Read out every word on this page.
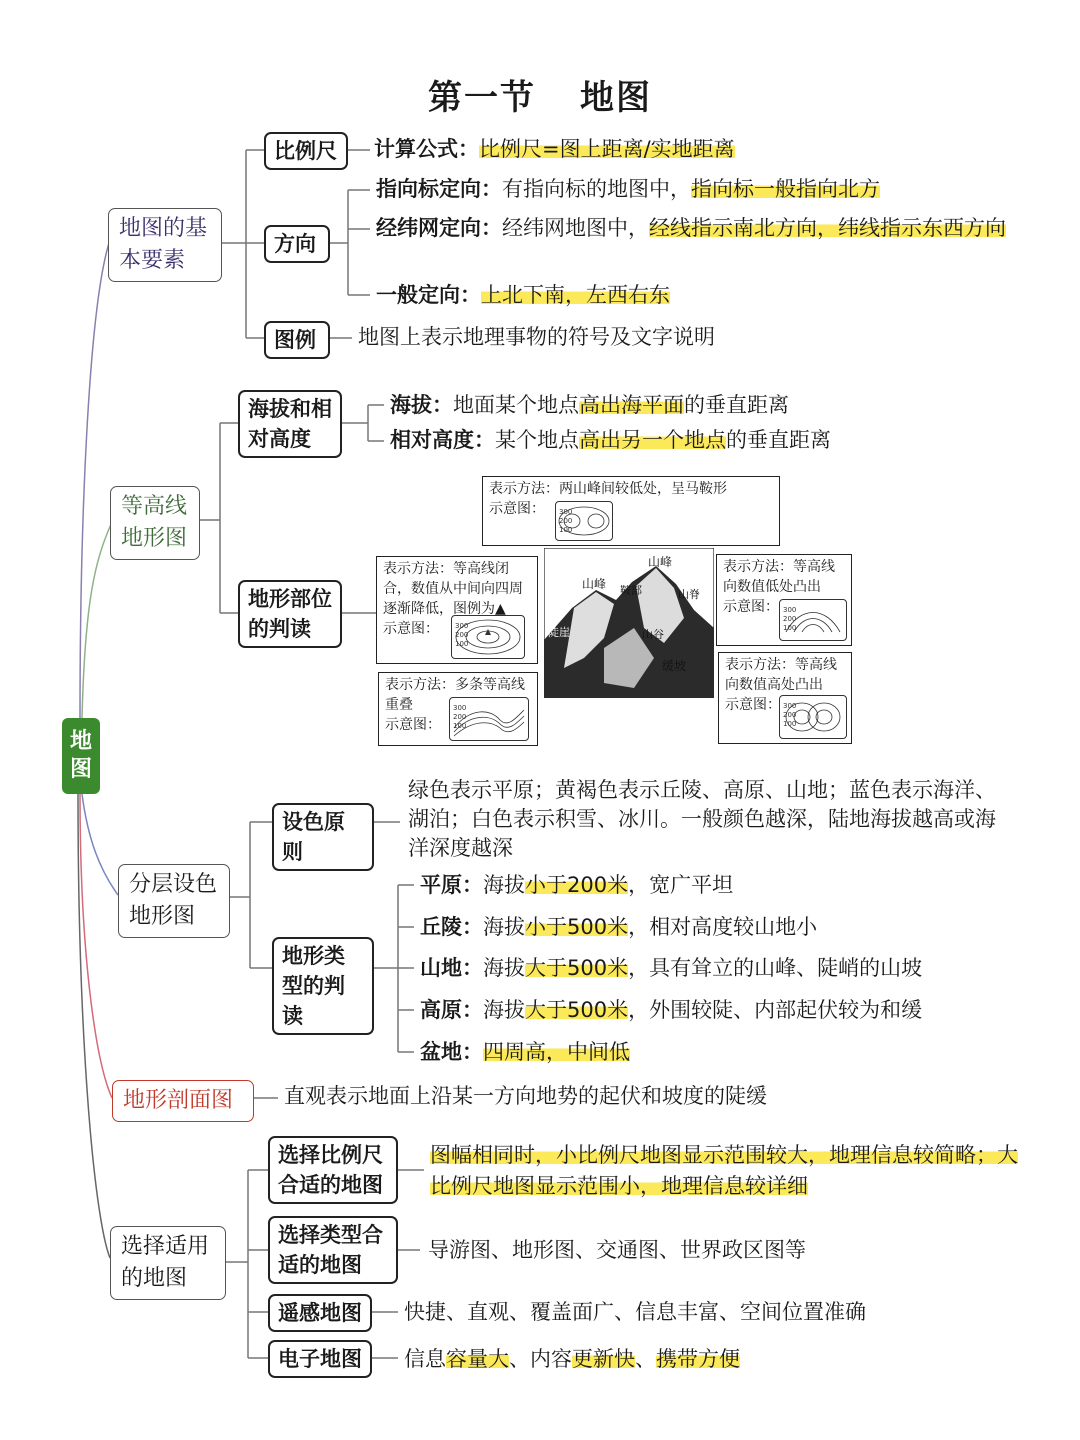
第一节 地图
地图
地图的基本要素
比例尺	计算公式：比例尺=图上距离/实地距离
方向
指向标定向：有指向标的地图中，指向标一般指向北方
经纬网定向：经纬网地图中，经线指示南北方向，纬线指示东西方向
一般定向：上北下南，左西右东
图例	地图上表示地理事物的符号及文字说明
等高线地形图
海拔和相对高度
海拔：地面某个地点高出海平面的垂直距离
相对高度：某个地点高出另一个地点的垂直距离
地形部位的判读
表示方法：两山峰间较低处，呈马鞍形
示意图：	300
200
100
表示方法：等高线闭合，数值从中间向四周逐渐降低，图例为▲
示意图：	300
200
100
表示方法：多条等高线重叠
示意图：
300
200
100
表示方法：等高线向数值低处凸出
示意图： 300
200
100
表示方法：等高线向数值高处凸出
示意图： 300
200
100
山峰
山峰
鞍部	山脊
陡崖	山谷
缓坡
分层设色地形图
设色原则
绿色表示平原；黄褐色表示丘陵、高原、山地；蓝色表示海洋、湖泊；白色表示积雪、冰川。一般颜色越深，陆地海拔越高或海洋深度越深
地形类型的判读
平原：海拔小于200米，宽广平坦
丘陵：海拔小于500米，相对高度较山地小
山地：海拔大于500米，具有耸立的山峰、陡峭的山坡
高原：海拔大于500米，外围较陡、内部起伏较为和缓
盆地：四周高，中间低
地形剖面图	直观表示地面上沿某一方向地势的起伏和坡度的陡缓
选择适用的地图
选择比例尺合适的地图
图幅相同时，小比例尺地图显示范围较大，地理信息较简略；大比例尺地图显示范围小，地理信息较详细
选择类型合适的地图
导游图、地形图、交通图、世界政区图等
遥感地图	快捷、直观、覆盖面广、信息丰富、空间位置准确
电子地图	信息容量大、内容更新快、携带方便
